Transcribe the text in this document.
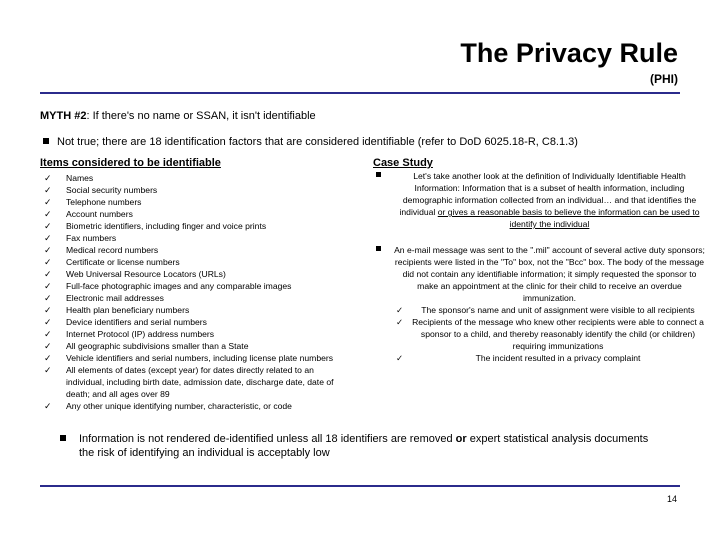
The Privacy Rule
(PHI)
MYTH #2: If there's no name or SSAN, it isn't identifiable
Not true; there are 18 identification factors that are considered identifiable (refer to DoD 6025.18-R, C8.1.3)
Items considered to be identifiable	Case Study
✓ Names
✓ Social security numbers
✓ Telephone numbers
✓ Account numbers
✓ Biometric identifiers, including finger and voice prints
✓ Fax numbers
✓ Medical record numbers
✓ Certificate or license numbers
✓ Web Universal Resource Locators (URLs)
✓ Full-face photographic images and any comparable images
✓ Electronic mail addresses
✓ Health plan beneficiary numbers
✓ Device identifiers and serial numbers
✓ Internet Protocol (IP) address numbers
✓ All geographic subdivisions smaller than a State
✓ Vehicle identifiers and serial numbers, including license plate numbers
✓ All elements of dates (except year) for dates directly related to an individual, including birth date, admission date, discharge date, date of death; and all ages over 89
✓ Any other unique identifying number, characteristic, or code
Let's take another look at the definition of Individually Identifiable Health Information: Information that is a subset of health information, including demographic information collected from an individual… and that identifies the individual or gives a reasonable basis to believe the information can be used to identify the individual
An e-mail message was sent to the ".mil" account of several active duty sponsors; recipients were listed in the "To" box, not the "Bcc" box. The body of the message did not contain any identifiable information; it simply requested the sponsor to make an appointment at the clinic for their child to receive an overdue immunization.
✓ The sponsor's name and unit of assignment were visible to all recipients
✓ Recipients of the message who knew other recipients were able to connect a sponsor to a child, and thereby reasonably identify the child (or children) requiring immunizations
✓	The incident resulted in a privacy complaint
Information is not rendered de-identified unless all 18 identifiers are removed or expert statistical analysis documents the risk of identifying an individual is acceptably low
14
